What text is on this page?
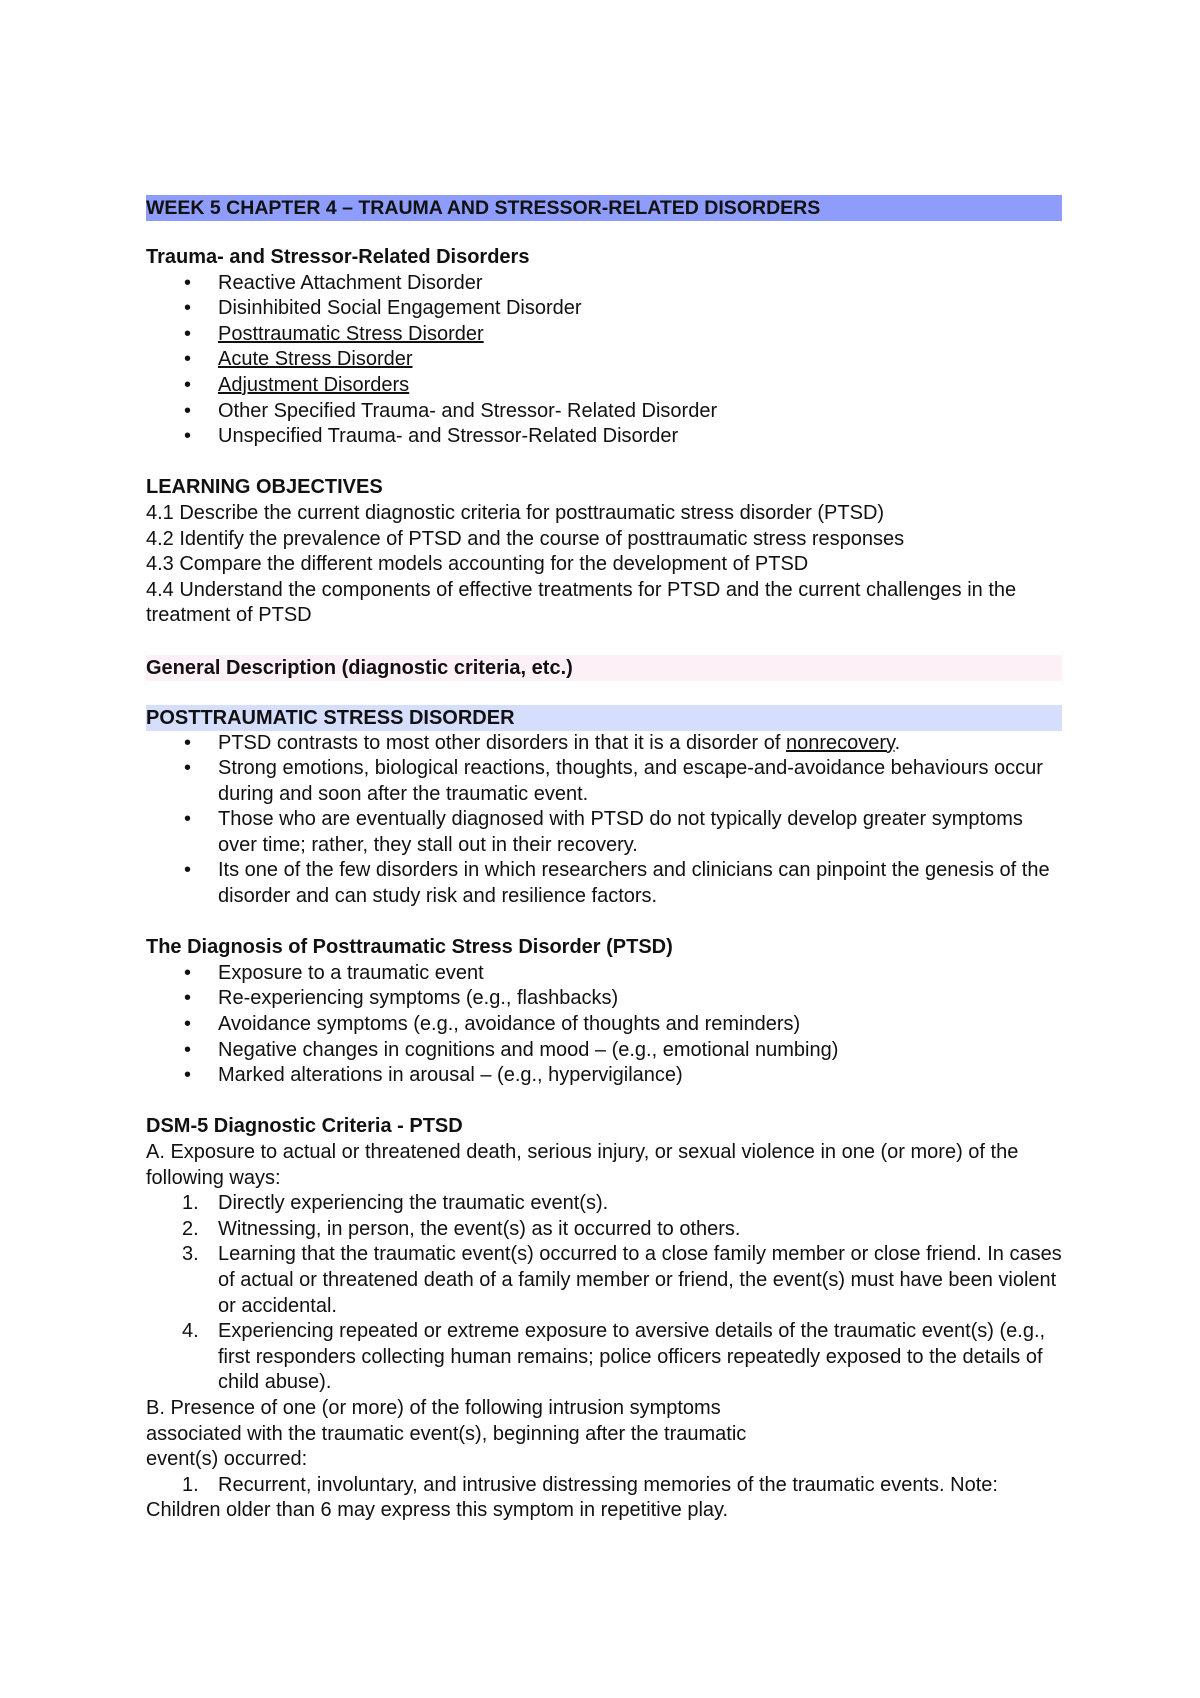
WEEK 5 CHAPTER 4 – TRAUMA AND STRESSOR-RELATED DISORDERS
Trauma- and Stressor-Related Disorders
• Reactive Attachment Disorder
• Disinhibited Social Engagement Disorder
• Posttraumatic Stress Disorder
• Acute Stress Disorder
• Adjustment Disorders
• Other Specified Trauma- and Stressor- Related Disorder
• Unspecified Trauma- and Stressor-Related Disorder
LEARNING OBJECTIVES

4.1 Describe the current diagnostic criteria for posttraumatic stress disorder (PTSD)

4.2 Identify the prevalence of PTSD and the course of posttraumatic stress responses

4.3 Compare the different models accounting for the development of PTSD

4.4 Understand the components of effective treatments for PTSD and the current challenges in the treatment of PTSD

General Description (diagnostic criteria, etc.)
POSTTRAUMATIC STRESS DISORDER
• PTSD contrasts to most other disorders in that it is a disorder of nonrecovery.
• Strong emotions, biological reactions, thoughts, and escape-and-avoidance behaviours occur during and soon after the traumatic event.
• Those who are eventually diagnosed with PTSD do not typically develop greater symptoms over time; rather, they stall out in their recovery.
• Its one of the few disorders in which researchers and clinicians can pinpoint the genesis of the disorder and can study risk and resilience factors.
The Diagnosis of Posttraumatic Stress Disorder (PTSD)
• Exposure to a traumatic event
• Re-experiencing symptoms (e.g., flashbacks)
• Avoidance symptoms (e.g., avoidance of thoughts and reminders)
• Negative changes in cognitions and mood – (e.g., emotional numbing)
• Marked alterations in arousal – (e.g., hypervigilance)
DSM-5 Diagnostic Criteria - PTSD

A. Exposure to actual or threatened death, serious injury, or sexual violence in one (or more) of the following ways:

1. Directly experiencing the traumatic event(s).
2. Witnessing, in person, the event(s) as it occurred to others.
3. Learning that the traumatic event(s) occurred to a close family member or close friend. In cases of actual or threatened death of a family member or friend, the event(s) must have been violent or accidental.
4. Experiencing repeated or extreme exposure to aversive details of the traumatic event(s) (e.g., first responders collecting human remains; police officers repeatedly exposed to the details of child abuse).

B. Presence of one (or more) of the following intrusion symptoms

associated with the traumatic event(s), beginning after the traumatic

event(s) occurred:

1. Recurrent, involuntary, and intrusive distressing memories of the traumatic events. Note:

Children older than 6 may express this symptom in repetitive play.
